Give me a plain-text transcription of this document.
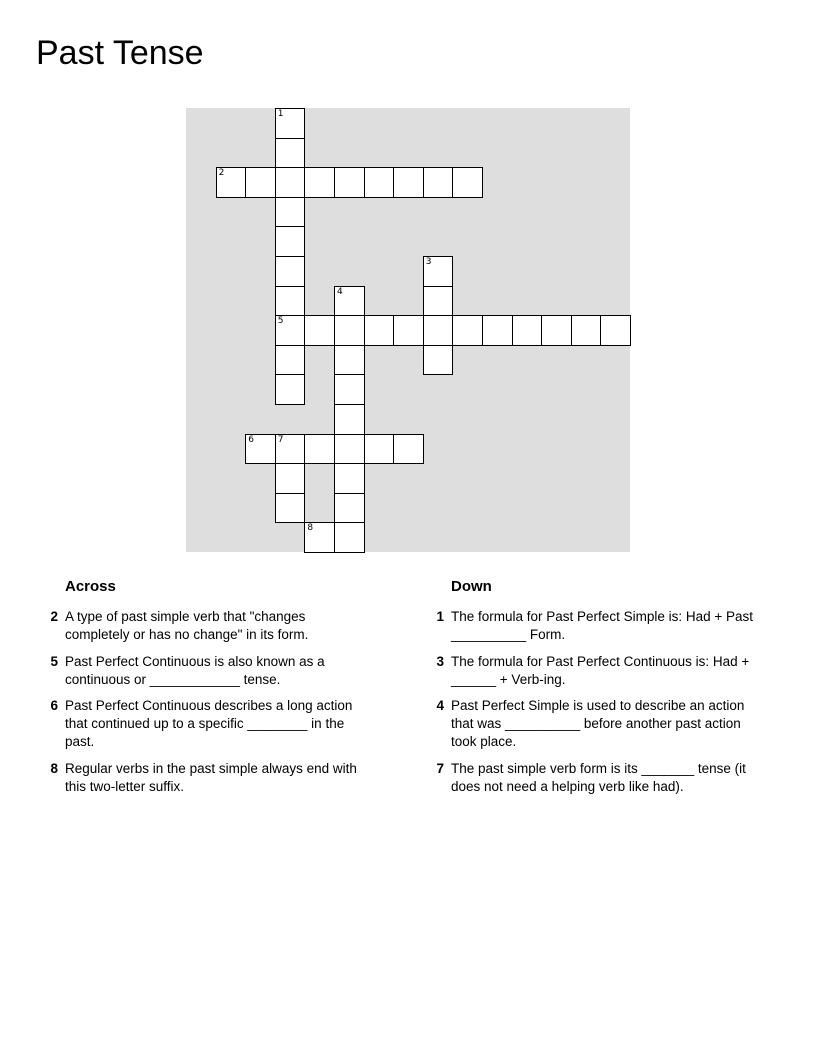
Past Tense
1
2
5
3
4
6	7
8
Across
2 A type of past simple verb that "changes completely or has no change" in its form.
5 Past Perfect Continuous is also known as a continuous or ____________ tense.
6 Past Perfect Continuous describes a long action that continued up to a specific ________ in the past.
8 Regular verbs in the past simple always end with this two-letter suffix.
Down
1 The formula for Past Perfect Simple is: Had + Past __________ Form.
3 The formula for Past Perfect Continuous is: Had + ______ + Verb-ing.
4 Past Perfect Simple is used to describe an action that was __________ before another past action took place.
7 The past simple verb form is its _______ tense (it does not need a helping verb like had).
